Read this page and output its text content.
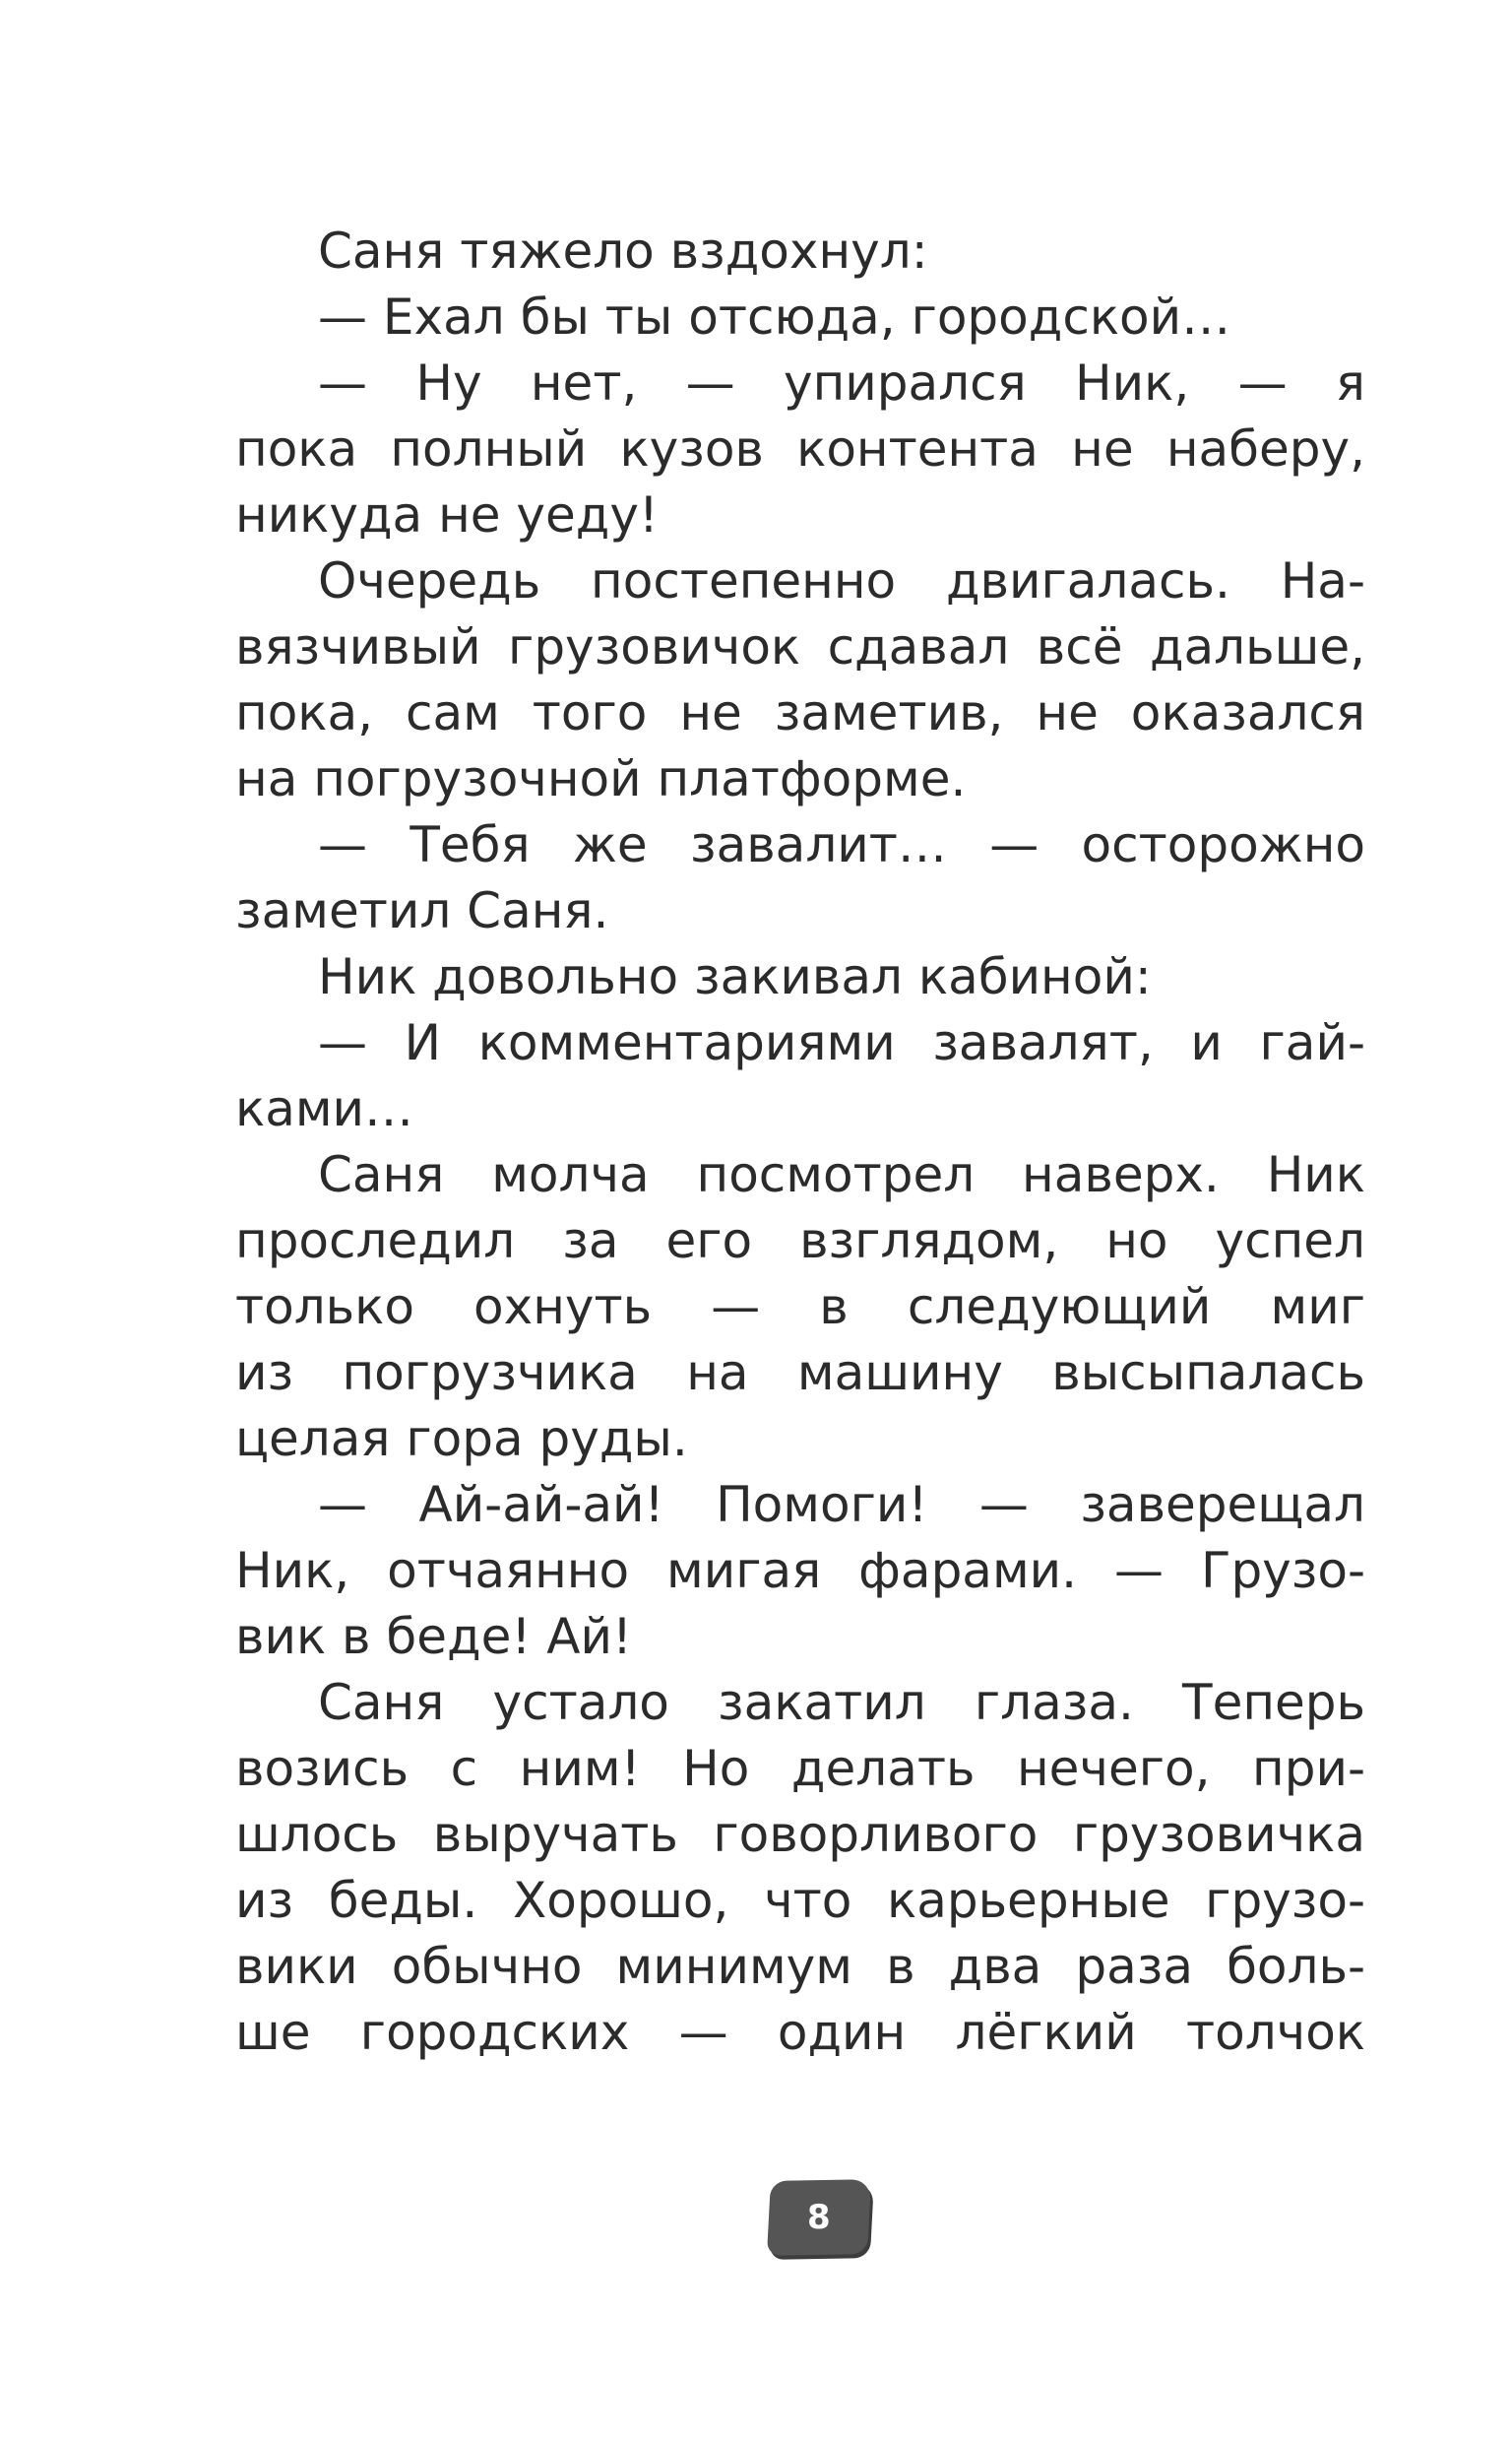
Саня тяжело вздохнул:
— Ехал бы ты отсюда, городской…
— Ну нет, — упирался Ник, — я
пока полный кузов контента не наберу,
никуда не уеду!
Очередь постепенно двигалась. На-
вязчивый грузовичок сдавал всё дальше,
пока, сам того не заметив, не оказался
на погрузочной платформе.
— Тебя же завалит… — осторожно
заметил Саня.
Ник довольно закивал кабиной:
— И комментариями завалят, и гай-
ками…
Саня молча посмотрел наверх. Ник
проследил за его взглядом, но успел
только охнуть — в следующий миг
из погрузчика на машину высыпалась
целая гора руды.
— Ай-ай-ай! Помоги! — заверещал
Ник, отчаянно мигая фарами. — Грузо-
вик в беде! Ай!
Саня устало закатил глаза. Теперь
возись с ним! Но делать нечего, при-
шлось выручать говорливого грузовичка
из беды. Хорошо, что карьерные грузо-
вики обычно минимум в два раза боль-
ше городских — один лёгкий толчок
8
